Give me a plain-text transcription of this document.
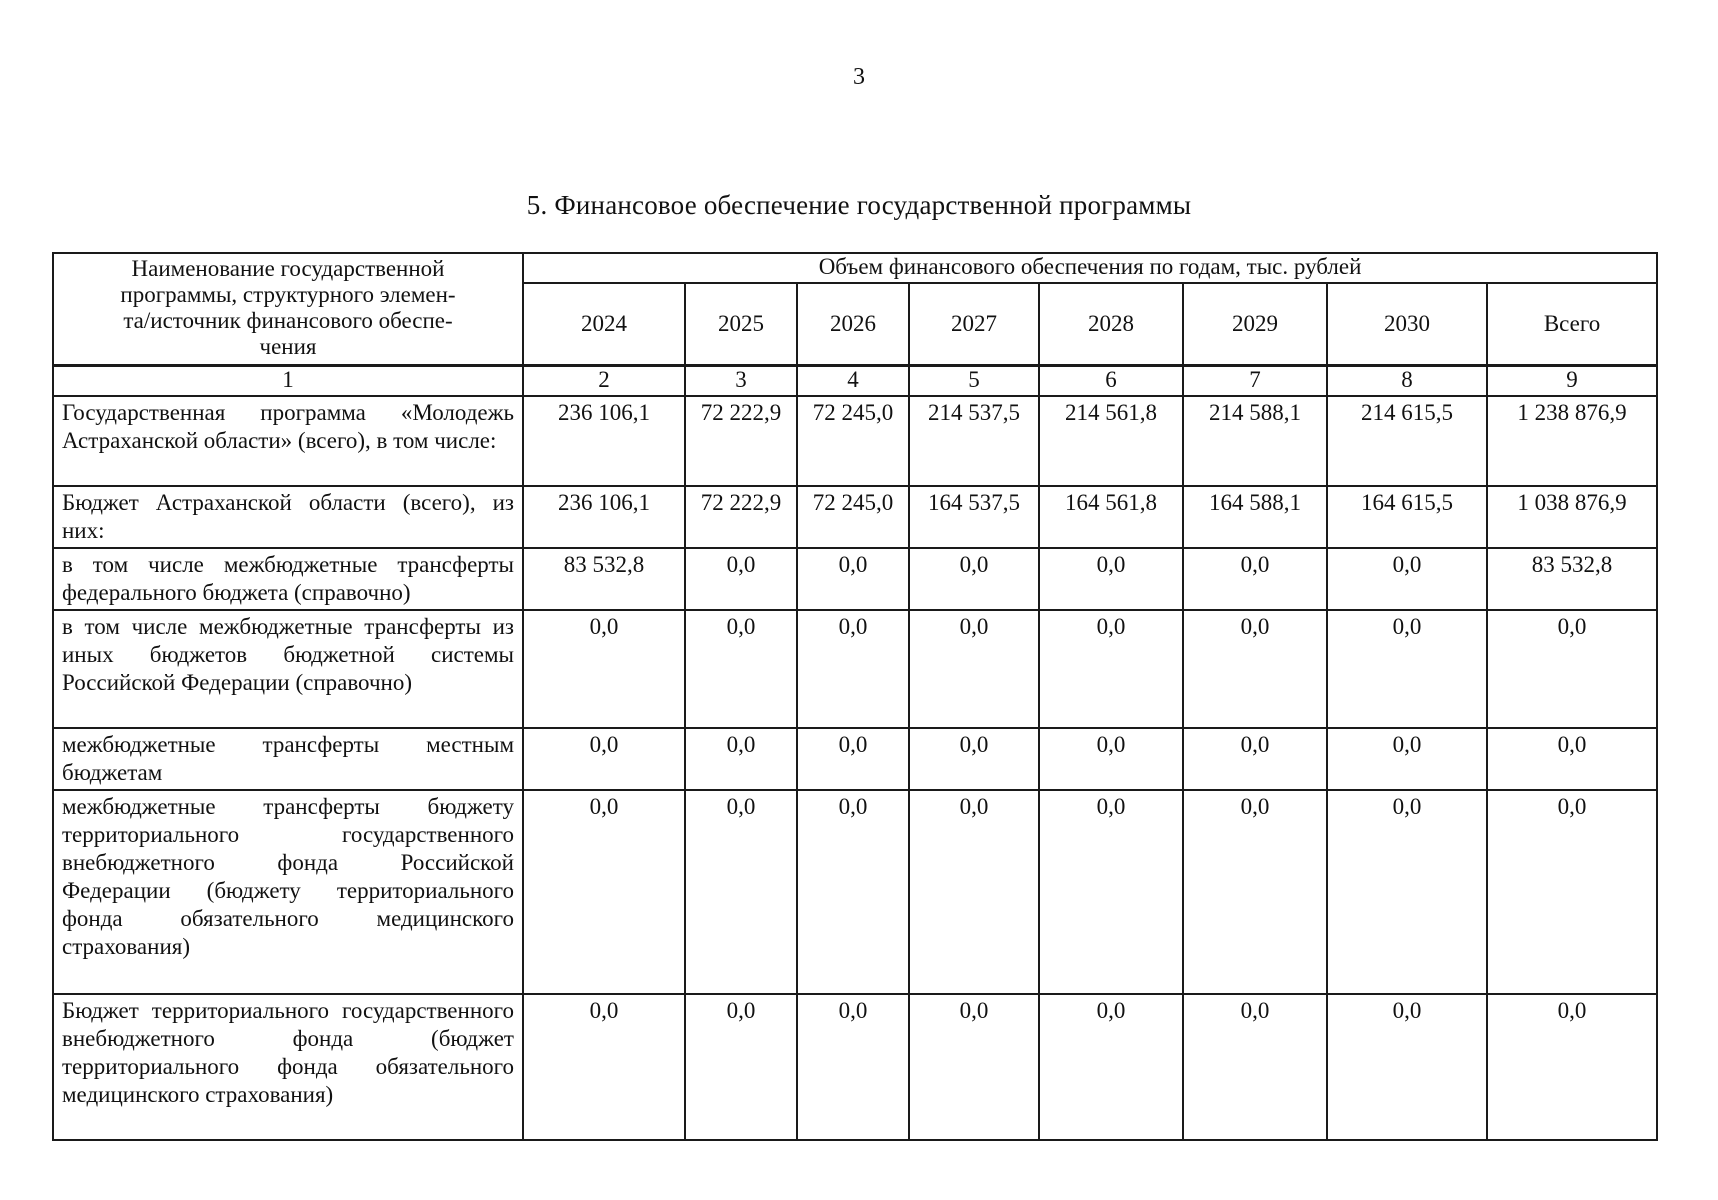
3
5. Финансовое обеспечение государственной программы
Наименование государственной
программы, структурного элемен-
та/источник финансового обеспе-
чения	Объем финансового обеспечения по годам, тыс. рублей							
	2024	2025	2026	2027	2028	2029	2030	Всего
1	2	3	4	5	6	7	8	9
Государственная программа «Молодежь Астраханской области» (всего), в том числе:	236 106,1	72 222,9	72 245,0	214 537,5	214 561,8	214 588,1	214 615,5	1 238 876,9
Бюджет Астраханской области (всего), из них:	236 106,1	72 222,9	72 245,0	164 537,5	164 561,8	164 588,1	164 615,5	1 038 876,9
в том числе межбюджетные трансферты федерального бюджета (справочно)	83 532,8	0,0	0,0	0,0	0,0	0,0	0,0	83 532,8
в том числе межбюджетные трансферты из иных бюджетов бюджетной системы Российской Федерации (справочно)	0,0	0,0	0,0	0,0	0,0	0,0	0,0	0,0
межбюджетные трансферты местным бюджетам	0,0	0,0	0,0	0,0	0,0	0,0	0,0	0,0
межбюджетные трансферты бюджету территориального государственного внебюджетного фонда Российской Федерации (бюджету территориального фонда обязательного медицинского страхования)	0,0	0,0	0,0	0,0	0,0	0,0	0,0	0,0
Бюджет территориального государственного внебюджетного фонда (бюджет территориального фонда обязательного медицинского страхования)	0,0	0,0	0,0	0,0	0,0	0,0	0,0	0,0
